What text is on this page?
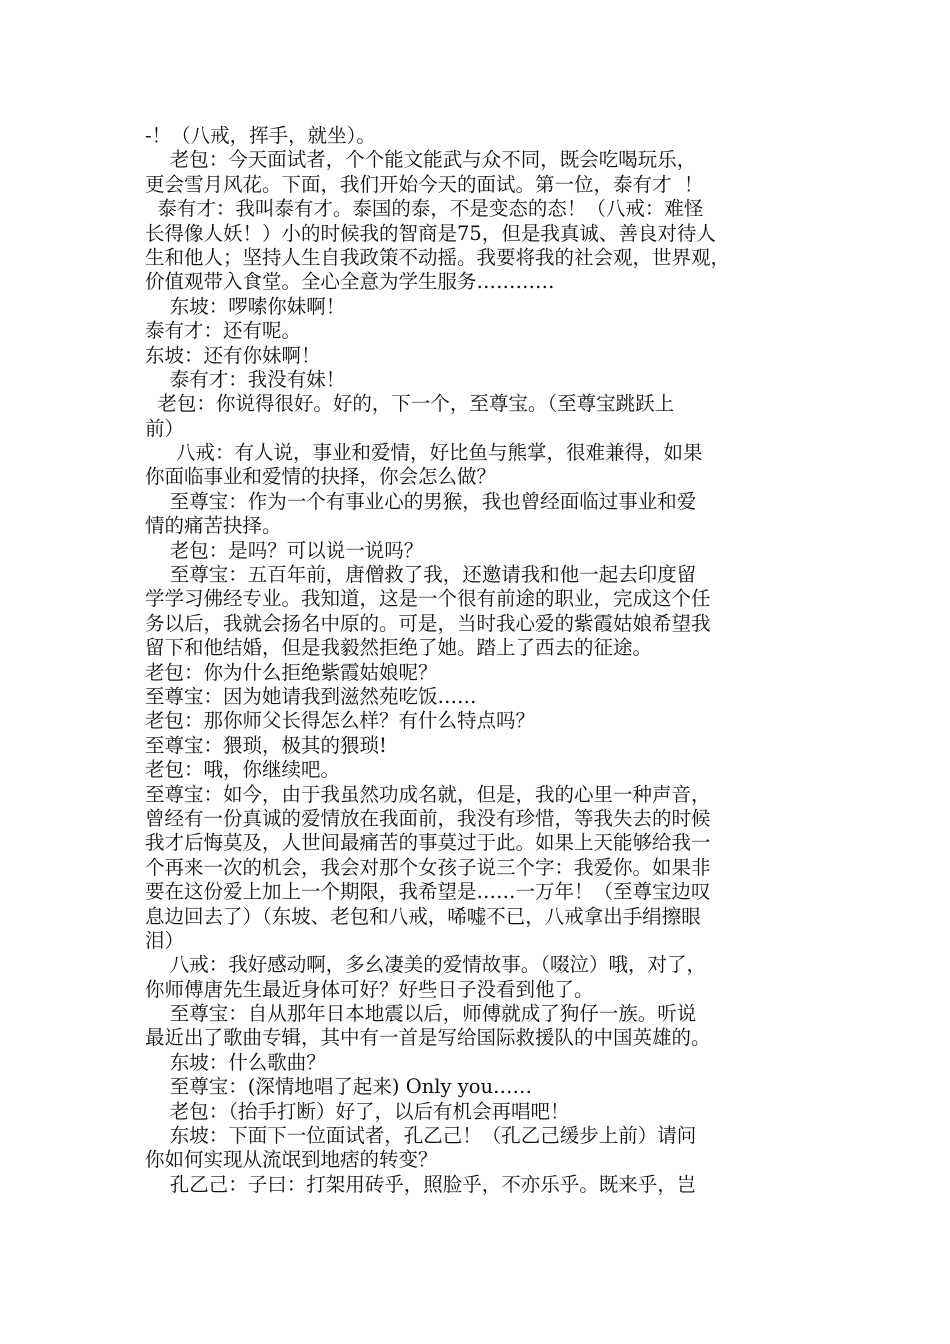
-！（八戒，挥手，就坐）。
老包：今天面试者，个个能文能武与众不同，既会吃喝玩乐，
更会雪月风花。下面，我们开始今天的面试。第一位，泰有才  ！
泰有才：我叫泰有才。泰国的泰，不是变态的态！（八戒：难怪
长得像人妖！）小的时候我的智商是75，但是我真诚、善良对待人
生和他人；坚持人生自我政策不动摇。我要将我的社会观，世界观，
价值观带入食堂。全心全意为学生服务…………
东坡：啰嗦你妹啊！
泰有才：还有呢。
东坡：还有你妹啊！
泰有才：我没有妹！
老包：你说得很好。好的，下一个，至尊宝。（至尊宝跳跃上
前）
八戒：有人说，事业和爱情，好比鱼与熊掌，很难兼得，如果
你面临事业和爱情的抉择，你会怎么做？
至尊宝：作为一个有事业心的男猴，我也曾经面临过事业和爱
情的痛苦抉择。
老包：是吗？可以说一说吗？
至尊宝：五百年前，唐僧救了我，还邀请我和他一起去印度留
学学习佛经专业。我知道，这是一个很有前途的职业，完成这个任
务以后，我就会扬名中原的。可是，当时我心爱的紫霞姑娘希望我
留下和他结婚，但是我毅然拒绝了她。踏上了西去的征途。
老包：你为什么拒绝紫霞姑娘呢？
至尊宝：因为她请我到滋然苑吃饭……
老包：那你师父长得怎么样？有什么特点吗？
至尊宝：猥琐，极其的猥琐!
老包：哦，你继续吧。
至尊宝：如今，由于我虽然功成名就，但是，我的心里一种声音，
曾经有一份真诚的爱情放在我面前，我没有珍惜，等我失去的时候
我才后悔莫及，人世间最痛苦的事莫过于此。如果上天能够给我一
个再来一次的机会，我会对那个女孩子说三个字：我爱你。如果非
要在这份爱上加上一个期限，我希望是……一万年！（至尊宝边叹
息边回去了）（东坡、老包和八戒，唏嘘不已，八戒拿出手绢擦眼
泪）
八戒：我好感动啊，多幺凄美的爱情故事。（啜泣）哦，对了，
你师傅唐先生最近身体可好？好些日子没看到他了。
至尊宝：自从那年日本地震以后，师傅就成了狗仔一族。听说
最近出了歌曲专辑，其中有一首是写给国际救援队的中国英雄的。
东坡：什么歌曲？
至尊宝：(深情地唱了起来) Only you……
老包：（抬手打断）好了，以后有机会再唱吧！
东坡：下面下一位面试者，孔乙己！（孔乙己缓步上前）请问
你如何实现从流氓到地痞的转变？
孔乙己：子曰：打架用砖乎，照脸乎，不亦乐乎。既来乎，岂
